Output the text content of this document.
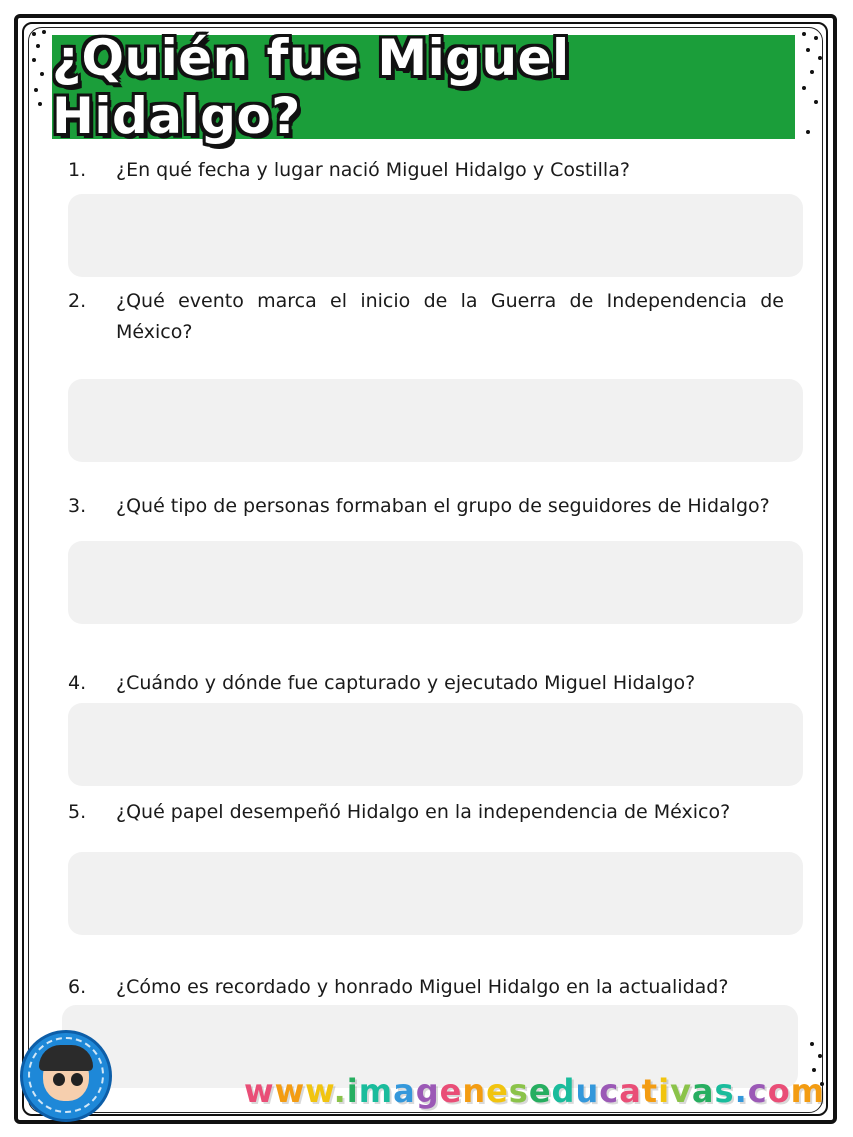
¿Quién fue Miguel Hidalgo?
1. ¿En qué fecha y lugar nació Miguel Hidalgo y Costilla?
2. ¿Qué evento marca el inicio de la Guerra de Independencia de
México?
3. ¿Qué tipo de personas formaban el grupo de seguidores de Hidalgo?
4. ¿Cuándo y dónde fue capturado y ejecutado Miguel Hidalgo?
5. ¿Qué papel desempeñó Hidalgo en la independencia de México?
6. ¿Cómo es recordado y honrado Miguel Hidalgo en la actualidad?
www.imageneseducativas.com
